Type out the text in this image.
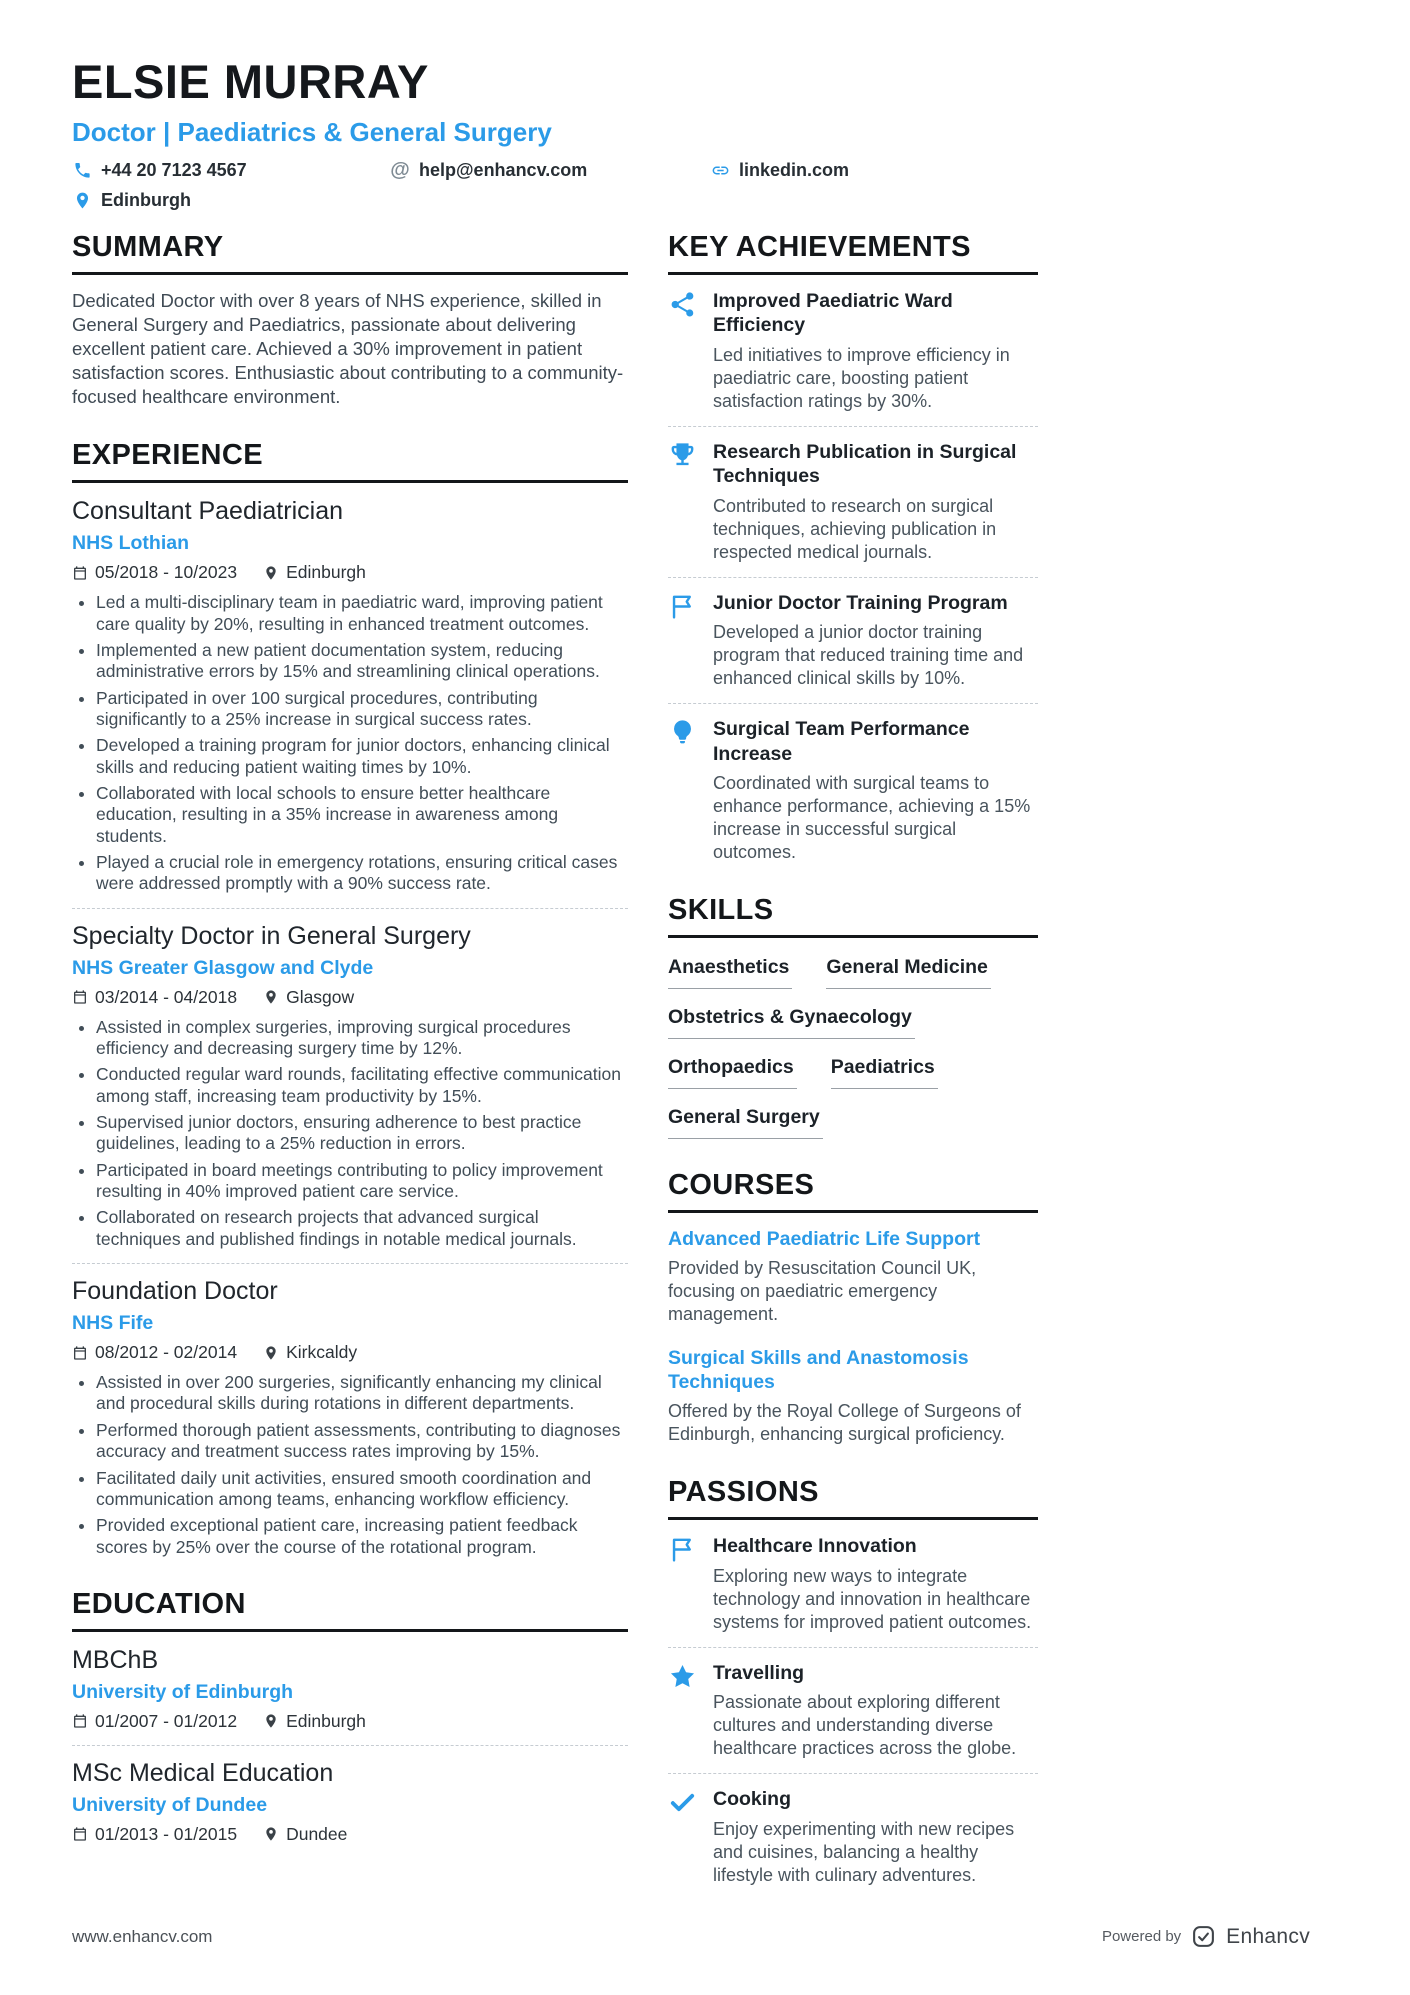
ELSIE MURRAY
Doctor | Paediatrics & General Surgery
+44 20 7123 4567	@ help@enhancv.com	linkedin.com
Edinburgh
SUMMARY

Dedicated Doctor with over 8 years of NHS experience, skilled in General Surgery and Paediatrics, passionate about delivering excellent patient care. Achieved a 30% improvement in patient satisfaction scores. Enthusiastic about contributing to a community-focused healthcare environment.

EXPERIENCE
Consultant Paediatrician
NHS Lothian
05/2018 - 10/2023	Edinburgh
• Led a multi-disciplinary team in paediatric ward, improving patient care quality by 20%, resulting in enhanced treatment outcomes.
• Implemented a new patient documentation system, reducing administrative errors by 15% and streamlining clinical operations.
• Participated in over 100 surgical procedures, contributing significantly to a 25% increase in surgical success rates.
• Developed a training program for junior doctors, enhancing clinical skills and reducing patient waiting times by 10%.
• Collaborated with local schools to ensure better healthcare education, resulting in a 35% increase in awareness among students.
• Played a crucial role in emergency rotations, ensuring critical cases were addressed promptly with a 90% success rate.
Specialty Doctor in General Surgery
NHS Greater Glasgow and Clyde
03/2014 - 04/2018	Glasgow
• Assisted in complex surgeries, improving surgical procedures efficiency and decreasing surgery time by 12%.
• Conducted regular ward rounds, facilitating effective communication among staff, increasing team productivity by 15%.
• Supervised junior doctors, ensuring adherence to best practice guidelines, leading to a 25% reduction in errors.
• Participated in board meetings contributing to policy improvement resulting in 40% improved patient care service.
• Collaborated on research projects that advanced surgical techniques and published findings in notable medical journals.
Foundation Doctor
NHS Fife
08/2012 - 02/2014	Kirkcaldy
• Assisted in over 200 surgeries, significantly enhancing my clinical and procedural skills during rotations in different departments.
• Performed thorough patient assessments, contributing to diagnoses accuracy and treatment success rates improving by 15%.
• Facilitated daily unit activities, ensured smooth coordination and communication among teams, enhancing workflow efficiency.
• Provided exceptional patient care, increasing patient feedback scores by 25% over the course of the rotational program.
EDUCATION
MBChB
University of Edinburgh
01/2007 - 01/2012	Edinburgh
MSc Medical Education
University of Dundee
01/2013 - 01/2015	Dundee
KEY ACHIEVEMENTS
Improved Paediatric Ward Efficiency
Led initiatives to improve efficiency in paediatric care, boosting patient satisfaction ratings by 30%.
Research Publication in Surgical Techniques
Contributed to research on surgical techniques, achieving publication in respected medical journals.
Junior Doctor Training Program
Developed a junior doctor training program that reduced training time and enhanced clinical skills by 10%.
Surgical Team Performance Increase
Coordinated with surgical teams to enhance performance, achieving a 15% increase in successful surgical outcomes.
SKILLS
Anaesthetics General Medicine
Obstetrics & Gynaecology
Orthopaedics Paediatrics
General Surgery
COURSES
Advanced Paediatric Life Support
Provided by Resuscitation Council UK, focusing on paediatric emergency management.
Surgical Skills and Anastomosis Techniques
Offered by the Royal College of Surgeons of Edinburgh, enhancing surgical proficiency.
PASSIONS
Healthcare Innovation
Exploring new ways to integrate technology and innovation in healthcare systems for improved patient outcomes.
Travelling
Passionate about exploring different cultures and understanding diverse healthcare practices across the globe.
Cooking
Enjoy experimenting with new recipes and cuisines, balancing a healthy lifestyle with culinary adventures.
www.enhancv.com	Powered by Enhancv
